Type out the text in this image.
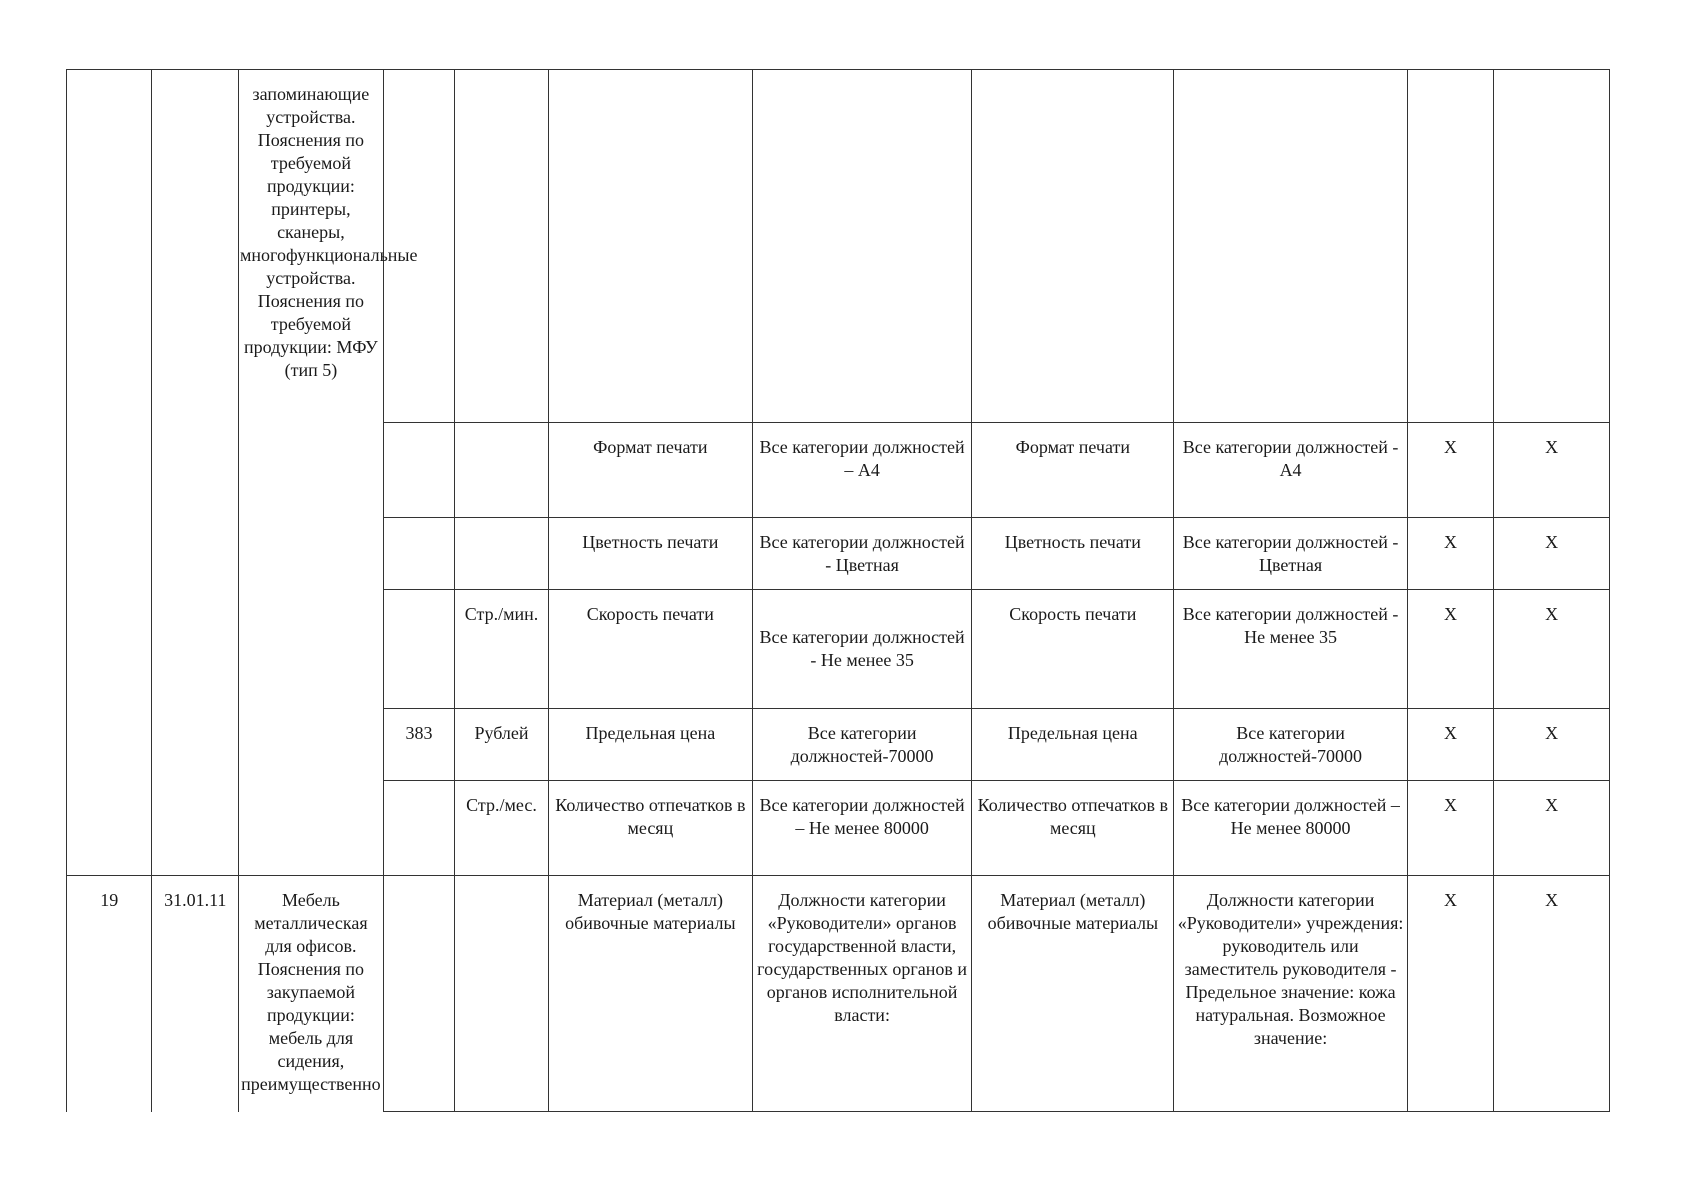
		запоминающие устройства. Пояснения по требуемой продукции: принтеры, сканеры, многофункциональные устройства. Пояснения по требуемой продукции: МФУ (тип 5)								
					Формат печати	Все категории должностей – А4	Формат печати	Все категории должностей - А4	X	X
					Цветность печати	Все категории должностей - Цветная	Цветность печати	Все категории должностей - Цветная	X	X
				Стр./мин.	Скорость печати	Все категории должностей - Не менее 35	Скорость печати	Все категории должностей - Не менее 35	X	X
			383	Рублей	Предельная цена	Все категории должностей-70000	Предельная цена	Все категории должностей-70000	X	X
				Стр./мес.	Количество отпечатков в месяц	Все категории должностей – Не менее 80000	Количество отпечатков в месяц	Все категории должностей – Не менее 80000	X	X
19	31.01.11	Мебель металлическая для офисов. Пояснения по закупаемой продукции: мебель для сидения, преимущественно			Материал (металл) обивочные материалы	Должности категории «Руководители» органов государственной власти, государственных органов и органов исполнительной власти:	Материал (металл) обивочные материалы	Должности категории «Руководители» учреждения: руководитель или заместитель руководителя - Предельное значение: кожа натуральная. Возможное значение:	X	X
